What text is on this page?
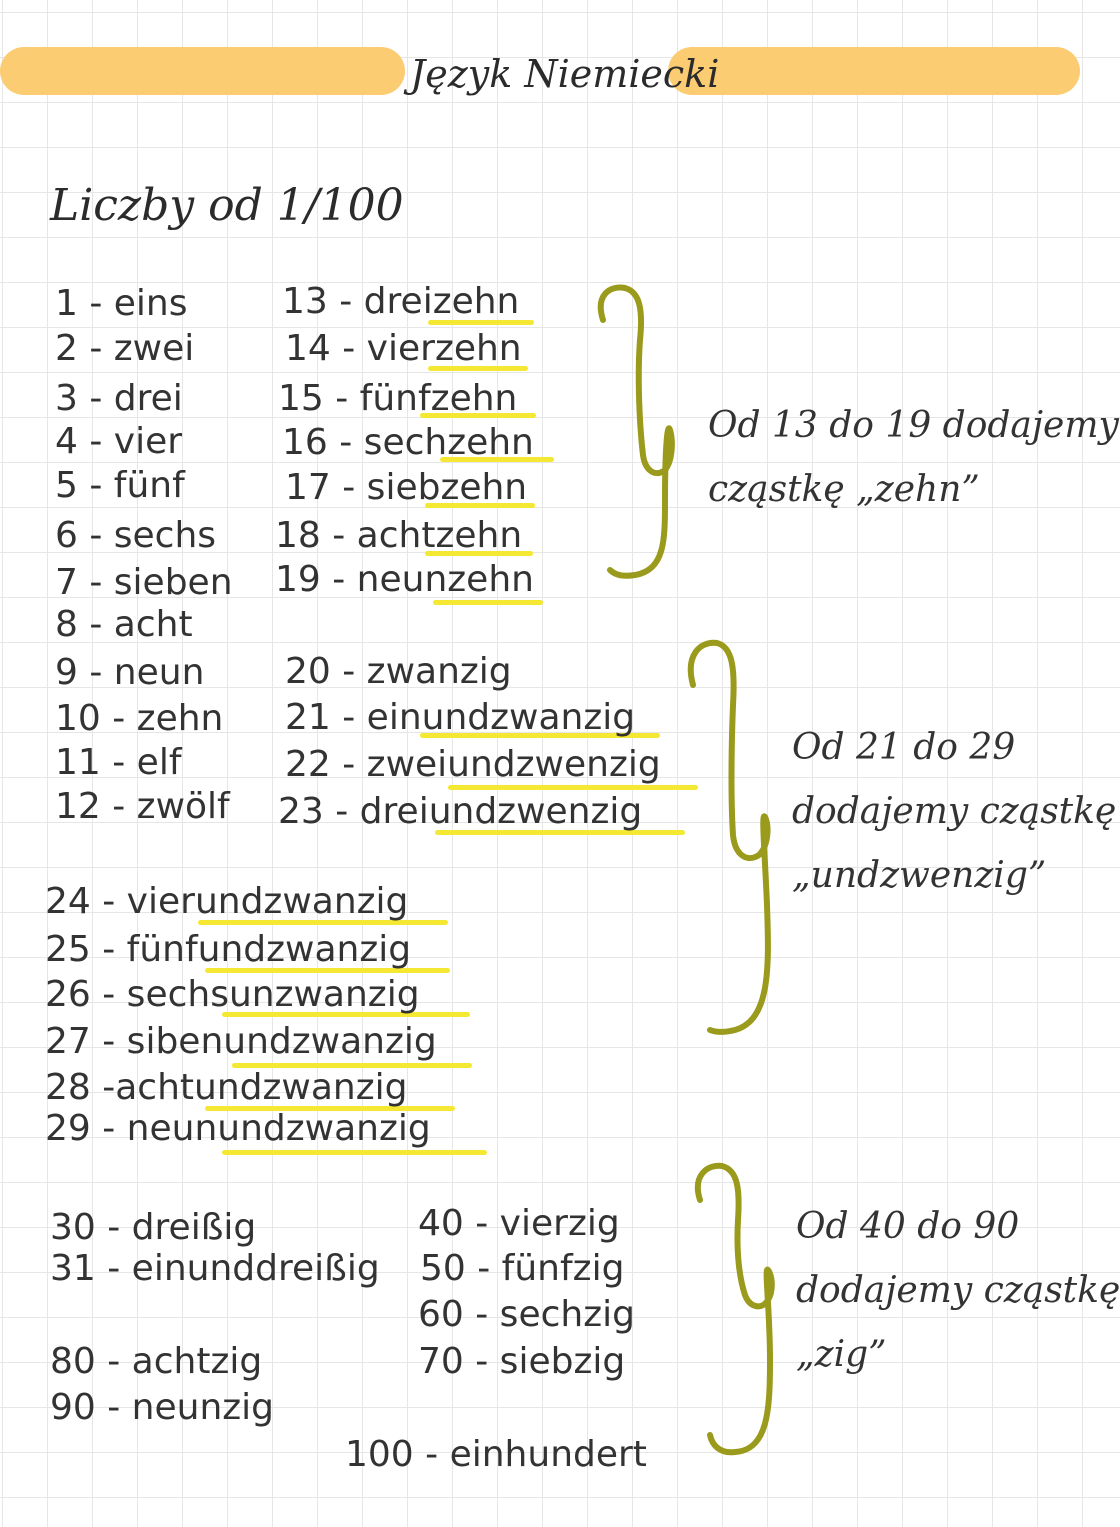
Język Niemiecki
Liczby od 1/100
1 - eins
2 - zwei
3 - drei
4 - vier
5 - fünf
6 - sechs
7 - sieben
8 - acht
9 - neun
10 - zehn
11 - elf
12 - zwölf
13 - dreizehn
14 - vierzehn
15 - fünfzehn
16 - sechzehn
17 - siebzehn
18 - achtzehn
19 - neunzehn
20 - zwanzig
21 - einundzwanzig
22 - zweiundzwenzig
23 - dreiundzwenzig
24 - vierundzwanzig
25 - fünfundzwanzig
26 - sechsunzwanzig
27 - sibenundzwanzig
28 -achtundzwanzig
29 - neunundzwanzig
30 - dreißig
31 - einunddreißig
80 - achtzig
90 - neunzig
40 - vierzig
50 - fünfzig
60 - sechzig
70 - siebzig
100 - einhundert
Od 13 do 19 dodajemy
cząstkę „zehn”
Od 21 do 29
dodajemy cząstkę
„undzwenzig”
Od 40 do 90
dodajemy cząstkę
„zig”
